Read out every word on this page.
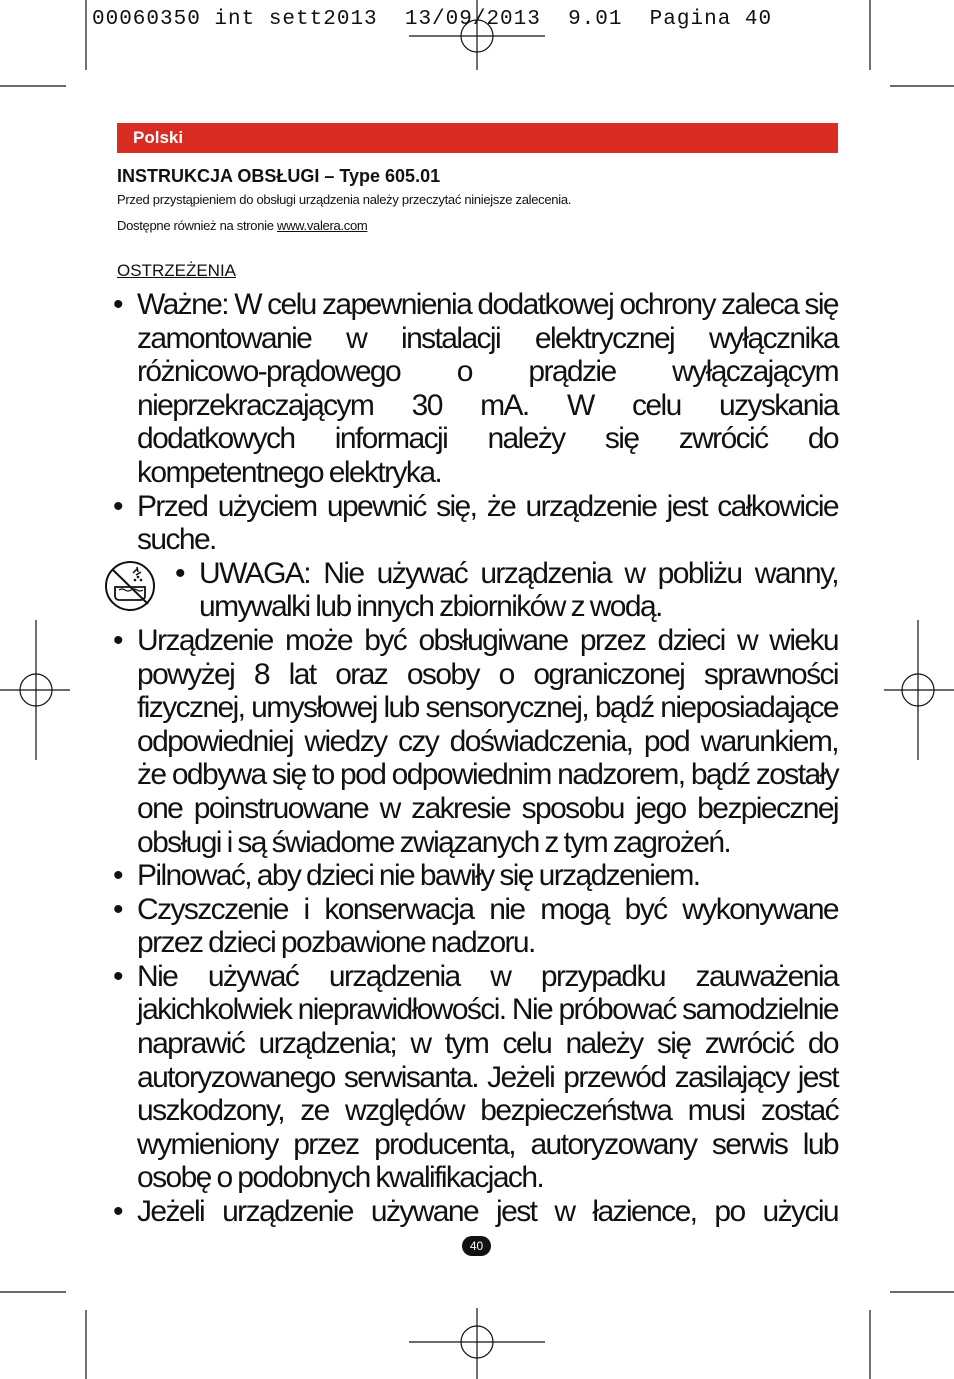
00060350 int sett2013  13/09/2013  9.01  Pagina 40
Polski
INSTRUKCJA OBSŁUGI – Type 605.01
Przed przystąpieniem do obsługi urządzenia należy przeczytać niniejsze zalecenia.
Dostępne również na stronie www.valera.com
OSTRZEŻENIA

• Ważne: W celu zapewnienia dodatkowej ochrony zaleca się zamontowanie w instalacji elektrycznej wyłącznika różnicowo-prądowego o prądzie wyłączającym nieprzekraczającym 30 mA. W celu uzyskania dodatkowych informacji należy się zwrócić do kompetentnego elektryka.

• Przed użyciem upewnić się, że urządzenie jest całkowicie suche.

• UWAGA: Nie używać urządzenia w pobliżu wanny, umywalki lub innych zbiorników z wodą.

• Urządzenie może być obsługiwane przez dzieci w wieku powyżej 8 lat oraz osoby o ograniczonej sprawności fizycznej, umysłowej lub sensorycznej, bądź nieposiadające odpowiedniej wiedzy czy doświadczenia, pod warunkiem, że odbywa się to pod odpowiednim nadzorem, bądź zostały one poinstruowane w zakresie sposobu jego bezpiecznej obsługi i są świadome związanych z tym zagrożeń.

• Pilnować, aby dzieci nie bawiły się urządzeniem.

• Czyszczenie i konserwacja nie mogą być wykonywane przez dzieci pozbawione nadzoru.

• Nie używać urządzenia w przypadku zauważenia jakichkolwiek nieprawidłowości. Nie próbować samodzielnie naprawić urządzenia; w tym celu należy się zwrócić do autoryzowanego serwisanta. Jeżeli przewód zasilający jest uszkodzony, ze względów bezpieczeństwa musi zostać wymieniony przez producenta, autoryzowany serwis lub osobę o podobnych kwalifikacjach.

• Jeżeli urządzenie używane jest w łazience, po użyciu

40
